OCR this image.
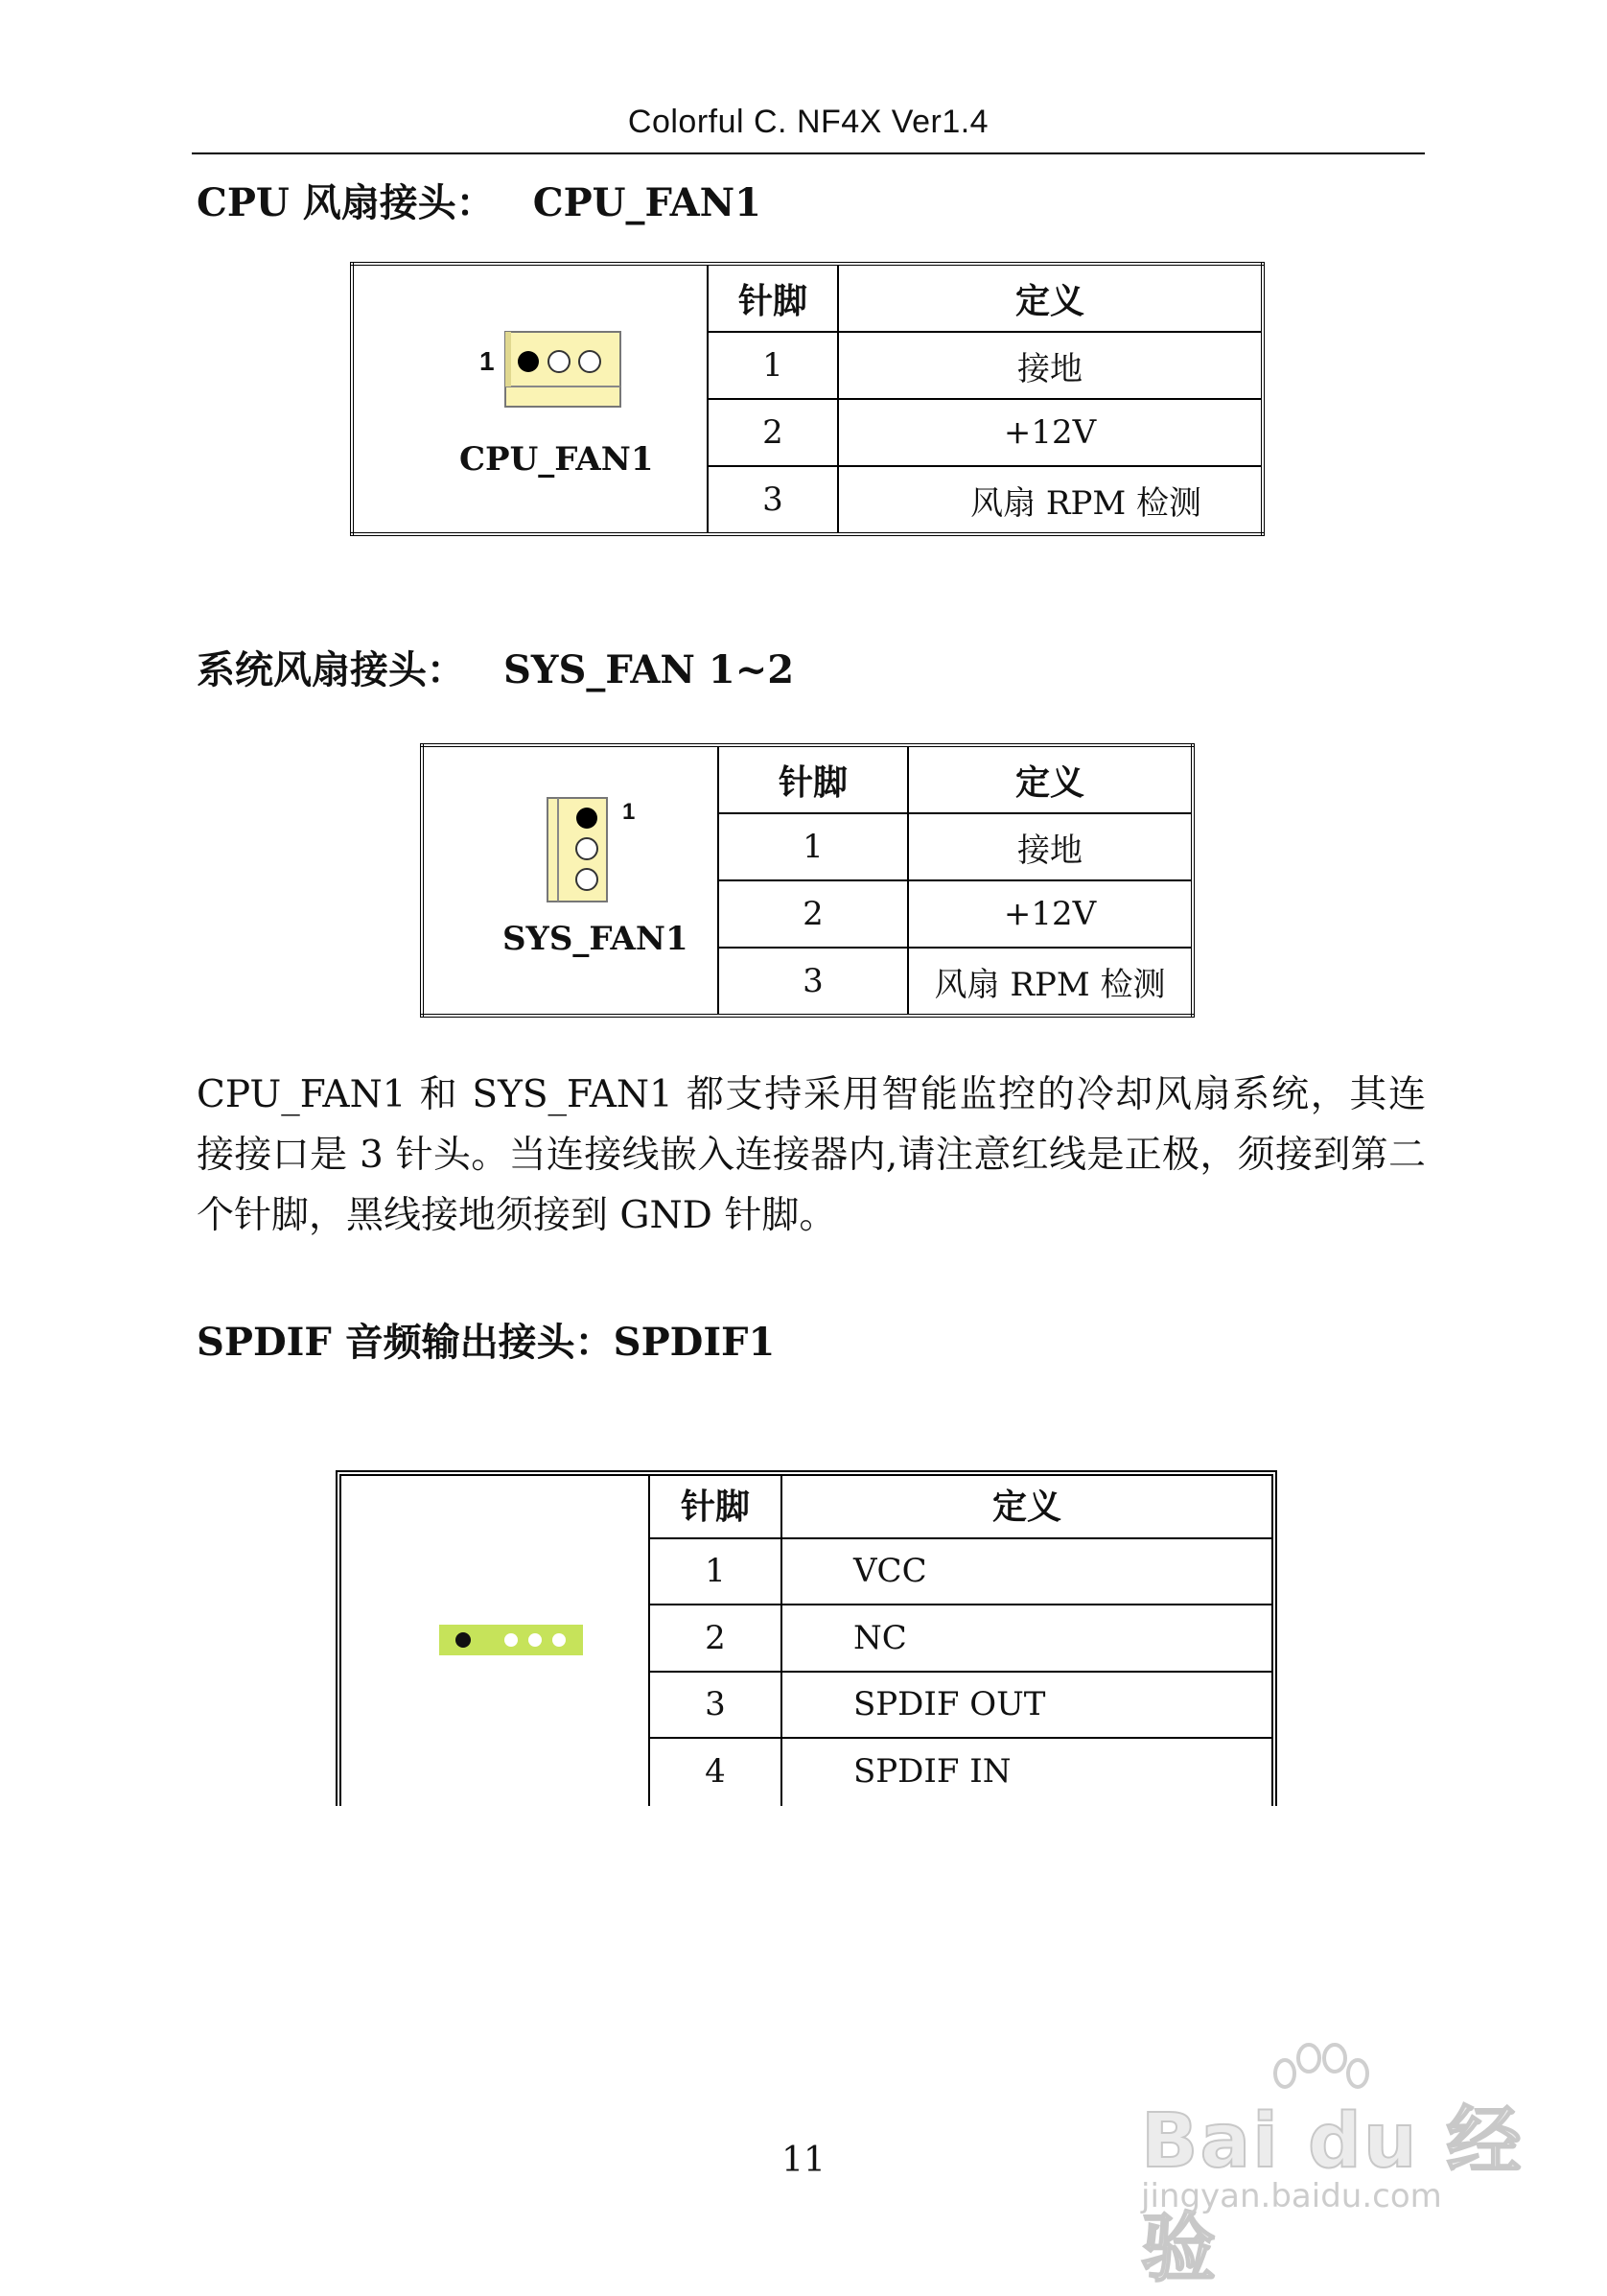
Colorful C. NF4X Ver1.4
CPU 风扇接头： CPU_FAN1
1
CPU_FAN1	针脚	定义
	1	接地
	2	+12V
	3	风扇 RPM 检测
系统风扇接头： SYS_FAN 1~2
1
SYS_FAN1	针脚	定义
	1	接地
	2	+12V
	3	风扇 RPM 检测
CPU_FAN1 和 SYS_FAN1 都支持采用智能监控的冷却风扇系统，其连接接口是 3 针头。当连接线嵌入连接器内,请注意红线是正极，须接到第二个针脚，黑线接地须接到 GND 针脚。
SPDIF 音频输出接头：SPDIF1
针脚	定义
1	VCC
2	NC
3	SPDIF OUT
4	SPDIF IN
11	Bai du 经验
jingyan.baidu.com
